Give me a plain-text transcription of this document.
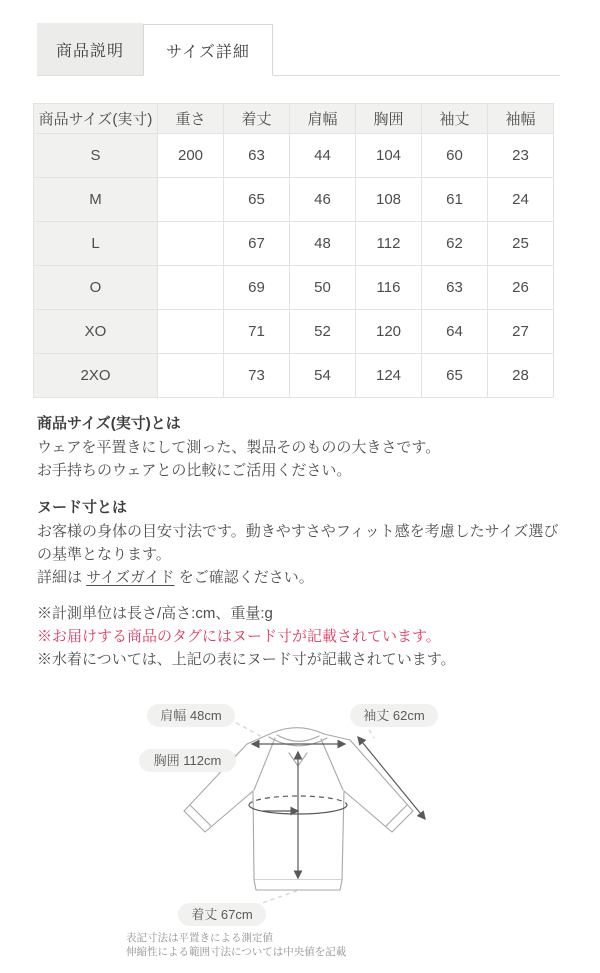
商品説明	サイズ詳細
商品サイズ(実寸)	重さ	着丈	肩幅	胸囲	袖丈	袖幅
S	200	63	44	104	60	23
M		65	46	108	61	24
L		67	48	112	62	25
O		69	50	116	63	26
XO		71	52	120	64	27
2XO		73	54	124	65	28
商品サイズ(実寸)とは
ウェアを平置きにして測った、製品そのものの大きさです。
お手持ちのウェアとの比較にご活用ください。
ヌード寸とは
お客様の身体の目安寸法です。動きやすさやフィット感を考慮したサイズ選びの基準となります。
詳細は サイズガイド をご確認ください。
※計測単位は長さ/高さ:cm、重量:g
※お届けする商品のタグにはヌード寸が記載されています。
※水着については、上記の表にヌード寸が記載されています。
肩幅 48cm	袖丈 62cm
胸囲 112cm
着丈 67cm
表記寸法は平置きによる測定値
伸縮性による範囲寸法については中央値を記載
